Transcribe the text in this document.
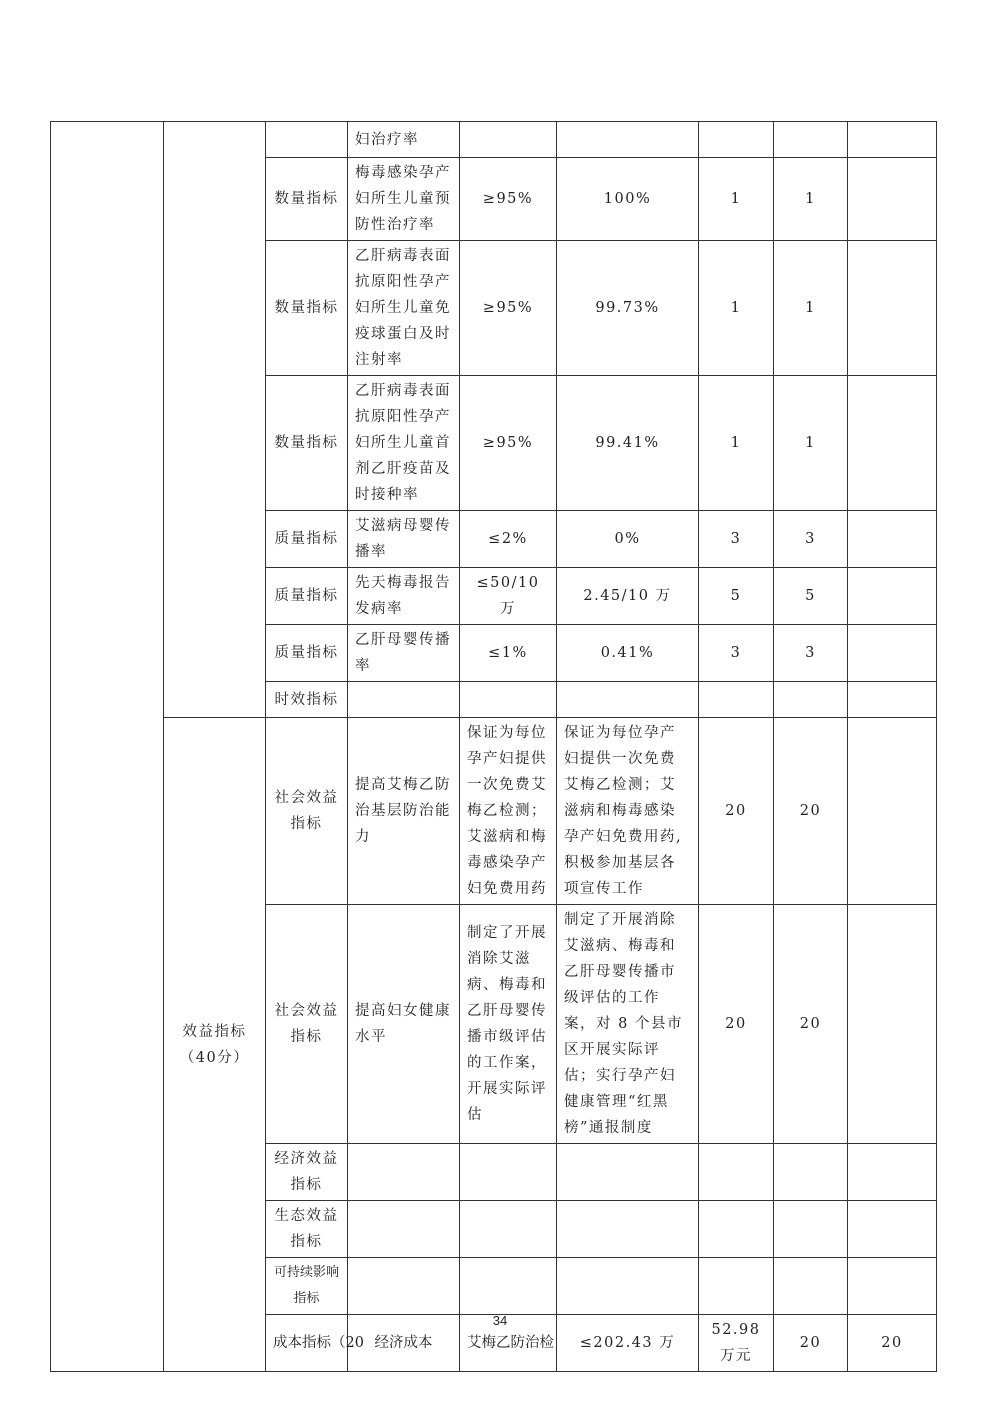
			妇治疗率						
		数量指标	梅毒感染孕产妇所生儿童预防性治疗率	≥95%	100%	1	1		
		数量指标	乙肝病毒表面抗原阳性孕产妇所生儿童免疫球蛋白及时注射率	≥95%	99.73%	1	1		
		数量指标	乙肝病毒表面抗原阳性孕产妇所生儿童首剂乙肝疫苗及时接种率	≥95%	99.41%	1	1		
		质量指标	艾滋病母婴传播率	≤2%	0%	3	3		
		质量指标	先天梅毒报告发病率	≤50/10 万	2.45/10 万	5	5		
		质量指标	乙肝母婴传播率	≤1%	0.41%	3	3		
		时效指标							
	效益指标（40分）	社会效益指标	提高艾梅乙防治基层防治能力	保证为每位孕产妇提供一次免费艾梅乙检测；艾滋病和梅毒感染孕产妇免费用药	保证为每位孕产妇提供一次免费艾梅乙检测；艾滋病和梅毒感染孕产妇免费用药,积极参加基层各项宣传工作	20	20		
		社会效益指标	提高妇女健康水平	制定了开展消除艾滋病、梅毒和乙肝母婴传播市级评估的工作案，开展实际评估	制定了开展消除艾滋病、梅毒和乙肝母婴传播市级评估的工作案，对 8 个县市区开展实际评估；实行孕产妇健康管理“红黑榜”通报制度	20	20		
		经济效益指标							
		生态效益指标							
		可持续影响指标							
		成本指标（20	经济成本	艾梅乙防治检	≤202.43 万	52.98 万元	20	20	
34
